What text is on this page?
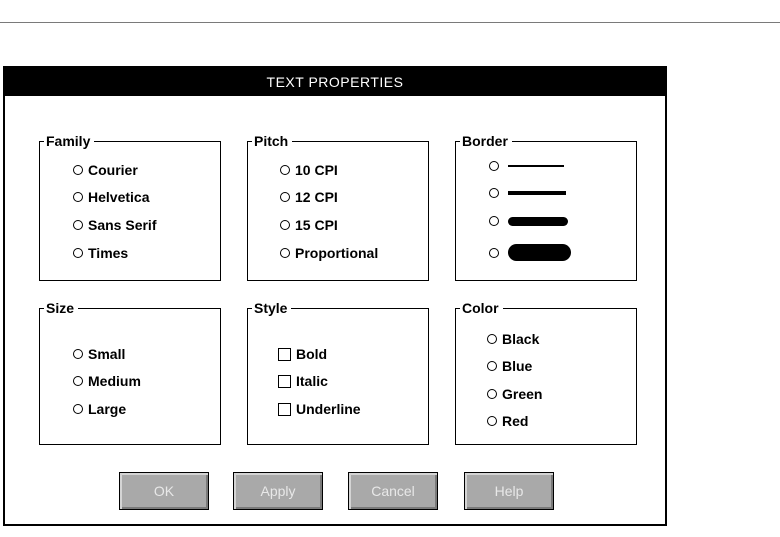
TEXT PROPERTIES
Family
Courier
Helvetica
Sans Serif
Times
Pitch
10 CPI
12 CPI
15 CPI
Proportional
Border
Size
Small
Medium
Large
Style
Bold
Italic
Underline
Color
Black
Blue
Green
Red
OK	Apply	Cancel	Help
